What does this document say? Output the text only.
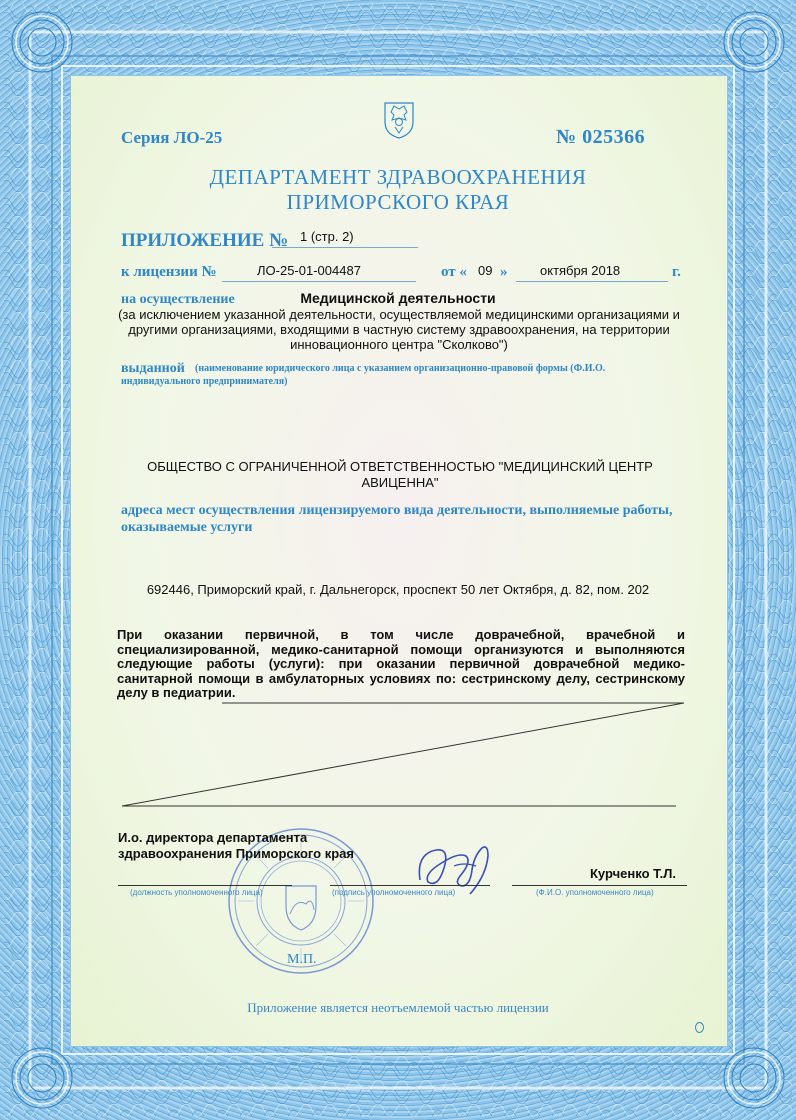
Серия ЛО-25	№ 025366
ДЕПАРТАМЕНТ ЗДРАВООХРАНЕНИЯ
ПРИМОРСКОГО КРАЯ
ПРИЛОЖЕНИЕ № 1 (стр. 2)
к лицензии №	ЛО-25-01-004487	от « 09 »	октября 2018	г.
на осуществление	Медицинской деятельности
(за исключением указанной деятельности, осуществляемой медицинскими организациями и другими организациями, входящими в частную систему здравоохранения, на территории инновационного центра "Сколково")
выданной	(наименование юридического лица с указанием организационно-правовой формы (Ф.И.О. индивидуального предпринимателя)
ОБЩЕСТВО С ОГРАНИЧЕННОЙ ОТВЕТСТВЕННОСТЬЮ "МЕДИЦИНСКИЙ ЦЕНТР АВИЦЕННА"
адреса мест осуществления лицензируемого вида деятельности, выполняемые работы, оказываемые услуги
692446, Приморский край, г. Дальнегорск, проспект 50 лет Октября, д. 82, пом. 202
При оказании первичной, в том числе доврачебной, врачебной и специализированной, медико-санитарной помощи организуются и выполняются следующие работы (услуги): при оказании первичной доврачебной медико-санитарной помощи в амбулаторных условиях по: сестринскому делу, сестринскому делу в педиатрии.
И.о. директора департамента здравоохранения Приморского края
Курченко Т.Л.
(должность уполномоченного лица)	(подпись уполномоченного лица)	(Ф.И.О. уполномоченного лица)
М.П.
Приложение является неотъемлемой частью лицензии
